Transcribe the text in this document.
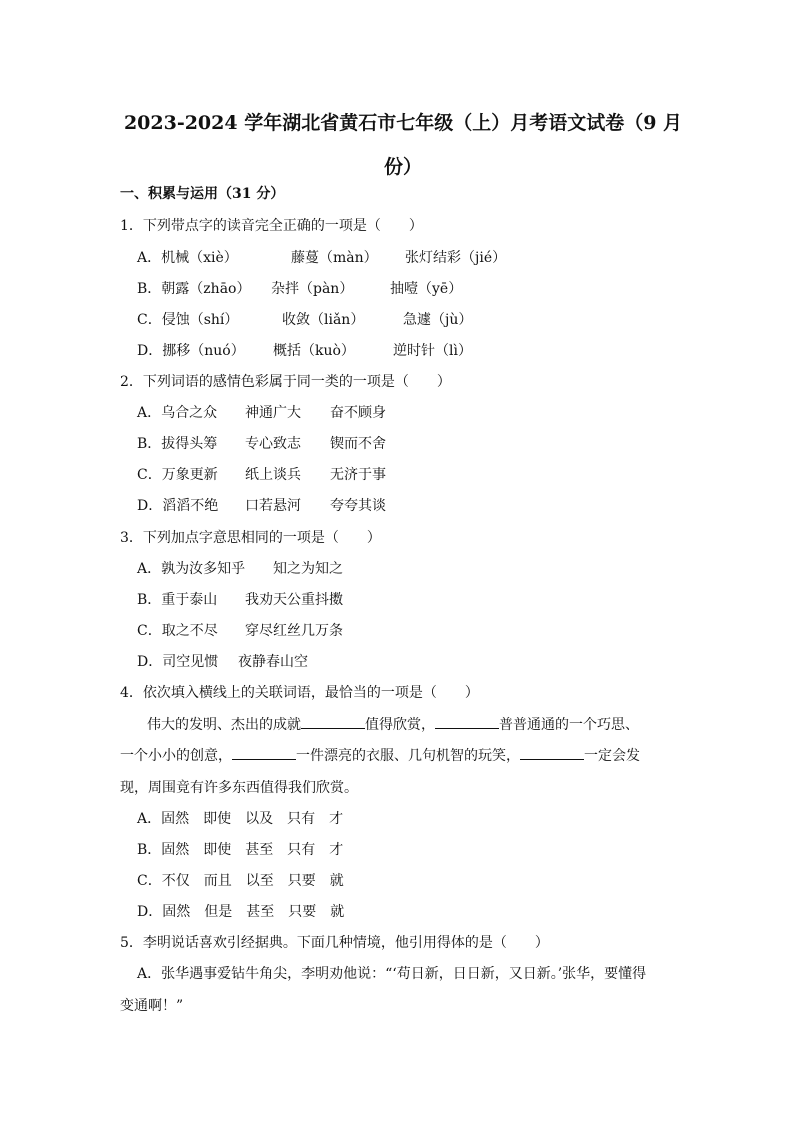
2023-2024 学年湖北省黄石市七年级（上）月考语文试卷（9 月
份）
一、积累与运用（31 分）
1．下列带点字的读音完全正确的一项是（　　）
A．机械（xiè）	藤蔓（màn） 张灯结彩（jié）
B．朝露（zhāo） 杂拌（pàn）	抽噎（yē）
C．侵蚀（shí）	收敛（liǎn）	急遽（jù）
D．挪移（nuó） 概括（kuò）	逆时针（lì）
2．下列词语的感情色彩属于同一类的一项是（　　）
A．乌合之众 神通广大 奋不顾身
B．拔得头筹 专心致志 锲而不舍
C．万象更新 纸上谈兵 无济于事
D．滔滔不绝 口若悬河 夸夸其谈
3．下列加点字意思相同的一项是（　　）
A．孰为汝多知乎 知之为知之
B．重于泰山 我劝天公重抖擞
C．取之不尽 穿尽红丝几万条
D．司空见惯 夜静春山空
4．依次填入横线上的关联词语，最恰当的一项是（　　）
伟大的发明、杰出的成就	值得欣赏，	普普通通的一个巧思、
一个小小的创意，	一件漂亮的衣服、几句机智的玩笑，	一定会发
现，周围竟有许多东西值得我们欣赏。
A．固然　即使　以及　只有　才
B．固然　即使　甚至　只有　才
C．不仅　而且　以至　只要　就
D．固然　但是　甚至　只要　就
5．李明说话喜欢引经据典。下面几种情境，他引用得体的是（　　）
A．张华遇事爱钻牛角尖，李明劝他说：“‘苟日新，日日新，又日新。’张华，要懂得
变通啊！”
